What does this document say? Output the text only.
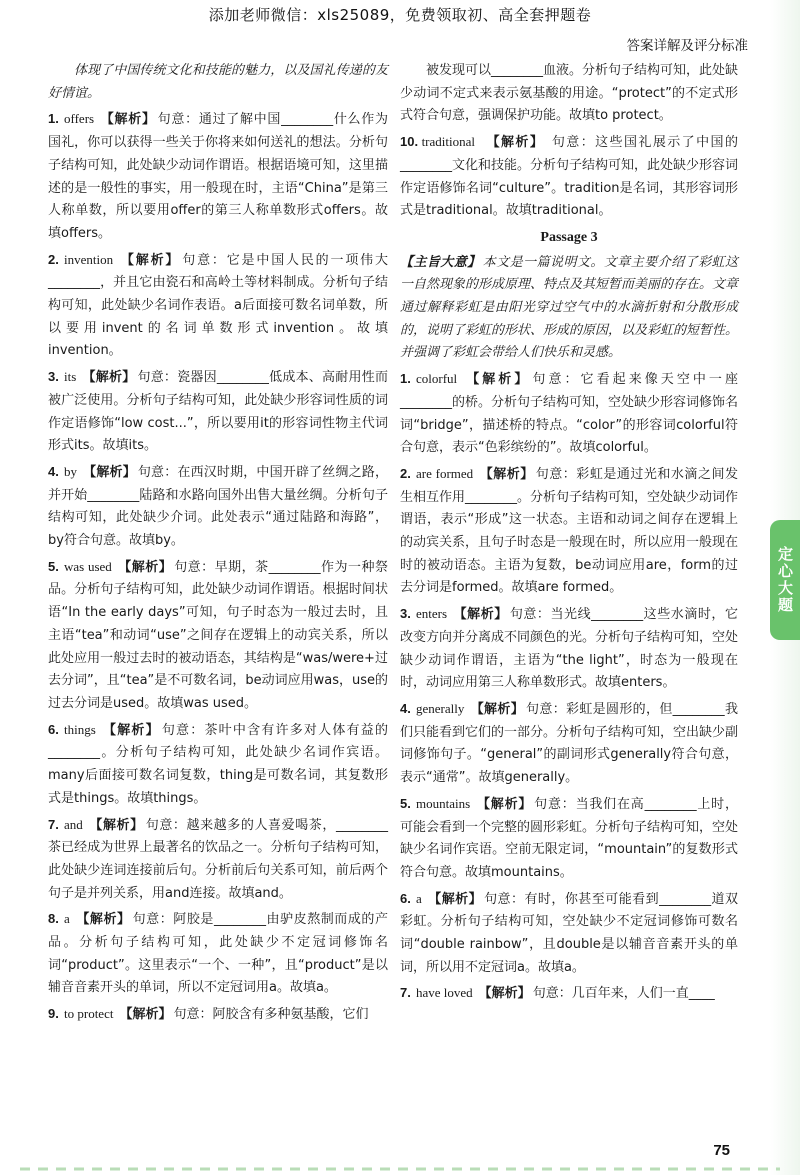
添加老师微信：xls25089，免费领取初、高全套押题卷
答案详解及评分标准
体现了中国传统文化和技能的魅力，以及国礼传递的友好情谊。
1. offers 【解析】 句意：通过了解中国________什么作为国礼，你可以获得一些关于你将来如何送礼的想法。分析句子结构可知，此处缺少动词作谓语。根据语境可知，这里描述的是一般性的事实，用一般现在时，主语“China”是第三人称单数，所以要用offer的第三人称单数形式offers。故填offers。
2. invention 【解析】 句意：它是中国人民的一项伟大________，并且它由瓷石和高岭土等材料制成。分析句子结构可知，此处缺少名词作表语。a后面接可数名词单数，所以要用invent的名词单数形式invention。故填invention。
3. its 【解析】 句意：瓷器因________低成本、高耐用性而被广泛使用。分析句子结构可知，此处缺少形容词性质的词作定语修饰“low cost...”，所以要用it的形容词性物主代词形式its。故填its。
4. by 【解析】 句意：在西汉时期，中国开辟了丝绸之路，并开始________陆路和水路向国外出售大量丝绸。分析句子结构可知，此处缺少介词。此处表示“通过陆路和海路”，by符合句意。故填by。
5. was used 【解析】 句意：早期，茶________作为一种祭品。分析句子结构可知，此处缺少动词作谓语。根据时间状语“In the early days”可知，句子时态为一般过去时，且主语“tea”和动词“use”之间存在逻辑上的动宾关系，所以此处应用一般过去时的被动语态，其结构是“was/were+过去分词”，且“tea”是不可数名词，be动词应用was，use的过去分词是used。故填was used。
6. things 【解析】 句意：茶叶中含有许多对人体有益的________。分析句子结构可知，此处缺少名词作宾语。many后面接可数名词复数，thing是可数名词，其复数形式是things。故填things。
7. and 【解析】 句意：越来越多的人喜爱喝茶，________茶已经成为世界上最著名的饮品之一。分析句子结构可知，此处缺少连词连接前后句。分析前后句关系可知，前后两个句子是并列关系，用and连接。故填and。
8. a 【解析】 句意：阿胶是________由驴皮熬制而成的产品。分析句子结构可知，此处缺少不定冠词修饰名词“product”。这里表示“一个、一种”，且“product”是以辅音音素开头的单词，所以不定冠词用a。故填a。
9. to protect 【解析】 句意：阿胶含有多种氨基酸，它们
被发现可以________血液。分析句子结构可知，此处缺少动词不定式来表示氨基酸的用途。“protect”的不定式形式符合句意，强调保护功能。故填to protect。
10. traditional 【解析】 句意：这些国礼展示了中国的________文化和技能。分析句子结构可知，此处缺少形容词作定语修饰名词“culture”。tradition是名词，其形容词形式是traditional。故填traditional。
Passage 3
【主旨大意】 本文是一篇说明文。文章主要介绍了彩虹这一自然现象的形成原理、特点及其短暂而美丽的存在。文章通过解释彩虹是由阳光穿过空气中的水滴折射和分散形成的，说明了彩虹的形状、形成的原因，以及彩虹的短暂性。并强调了彩虹会带给人们快乐和灵感。
1. colorful 【解析】 句意：它看起来像天空中一座________的桥。分析句子结构可知，空处缺少形容词修饰名词“bridge”，描述桥的特点。“color”的形容词colorful符合句意，表示“色彩缤纷的”。故填colorful。
2. are formed 【解析】 句意：彩虹是通过光和水滴之间发生相互作用________。分析句子结构可知，空处缺少动词作谓语，表示“形成”这一状态。主语和动词之间存在逻辑上的动宾关系，且句子时态是一般现在时，所以应用一般现在时的被动语态。主语为复数，be动词应用are，form的过去分词是formed。故填are formed。
3. enters 【解析】 句意：当光线________这些水滴时，它改变方向并分离成不同颜色的光。分析句子结构可知，空处缺少动词作谓语，主语为“the light”，时态为一般现在时，动词应用第三人称单数形式。故填enters。
4. generally 【解析】 句意：彩虹是圆形的，但________我们只能看到它们的一部分。分析句子结构可知，空出缺少副词修饰句子。“general”的副词形式generally符合句意，表示“通常”。故填generally。
5. mountains 【解析】 句意：当我们在高________上时，可能会看到一个完整的圆形彩虹。分析句子结构可知，空处缺少名词作宾语。空前无限定词，“mountain”的复数形式符合句意。故填mountains。
6. a 【解析】 句意：有时，你甚至可能看到________道双彩虹。分析句子结构可知，空处缺少不定冠词修饰可数名词“double rainbow”，且double是以辅音音素开头的单词，所以用不定冠词a。故填a。
7. have loved 【解析】 句意：几百年来，人们一直____
定心大题
75
